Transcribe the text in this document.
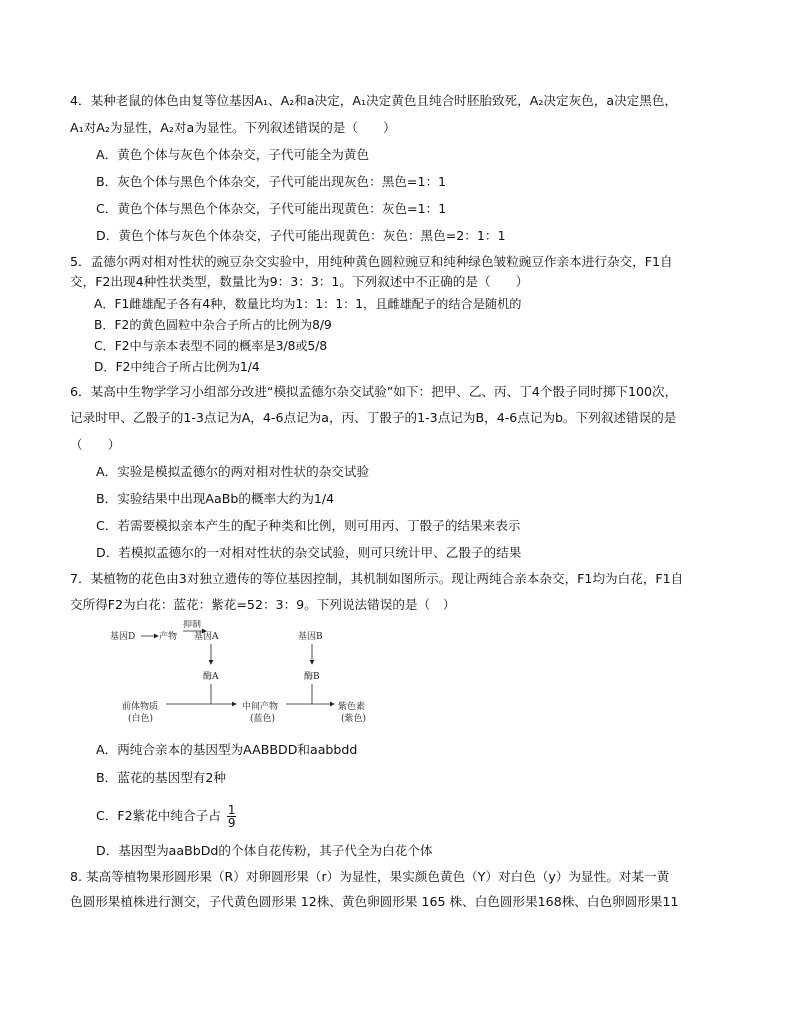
4．某种老鼠的体色由复等位基因A₁、A₂和a决定，A₁决定黄色且纯合时胚胎致死，A₂决定灰色，a决定黑色，
A₁对A₂为显性，A₂对a为显性。下列叙述错误的是（　　）
A．黄色个体与灰色个体杂交，子代可能全为黄色
B．灰色个体与黑色个体杂交，子代可能出现灰色：黑色=1：1
C．黄色个体与黑色个体杂交，子代可能出现黄色：灰色=1：1
D．黄色个体与灰色个体杂交，子代可能出现黄色：灰色：黑色=2：1：1
5．孟德尔两对相对性状的豌豆杂交实验中，用纯种黄色圆粒豌豆和纯种绿色皱粒豌豆作亲本进行杂交，F1自
交，F2出现4种性状类型，数量比为9：3：3：1。下列叙述中不正确的是（　　）
A．F1雌雄配子各有4种，数量比均为1：1：1：1，且雌雄配子的结合是随机的
B．F2的黄色圆粒中杂合子所占的比例为8/9
C．F2中与亲本表型不同的概率是3/8或5/8
D．F2中纯合子所占比例为1/4
6．某高中生物学学习小组部分改进“模拟孟德尔杂交试验”如下：把甲、乙、丙、丁4个骰子同时掷下100次，
记录时甲、乙骰子的1-3点记为A，4-6点记为a，丙、丁骰子的1-3点记为B，4-6点记为b。下列叙述错误的是
（　　）
A．实验是模拟孟德尔的两对相对性状的杂交试验
B．实验结果中出现AaBb的概率大约为1/4
C．若需要模拟亲本产生的配子种类和比例，则可用丙、丁骰子的结果来表示
D．若模拟孟德尔的一对相对性状的杂交试验，则可只统计甲、乙骰子的结果
7．某植物的花色由3对独立遗传的等位基因控制，其机制如图所示。现让两纯合亲本杂交，F1均为白花，F1自
交所得F2为白花：蓝花：紫花=52：3：9。下列说法错误的是（　）
基因D	产物
抑制
基因A
酶A
基因B
酶B
前体物质
(白色)
中间产物
(蓝色)
紫色素
(紫色)
A．两纯合亲本的基因型为AABBDD和aabbdd
B．蓝花的基因型有2种
C．F2紫花中纯合子占 $\frac{1}{9}$
D．基因型为aaBbDd的个体自花传粉，其子代全为白花个体
8. 某高等植物果形圆形果（R）对卵圆形果（r）为显性，果实颜色黄色（Y）对白色（y）为显性。对某一黄
色圆形果植株进行测交，子代黄色圆形果 12株、黄色卵圆形果 165 株、白色圆形果168株、白色卵圆形果11
